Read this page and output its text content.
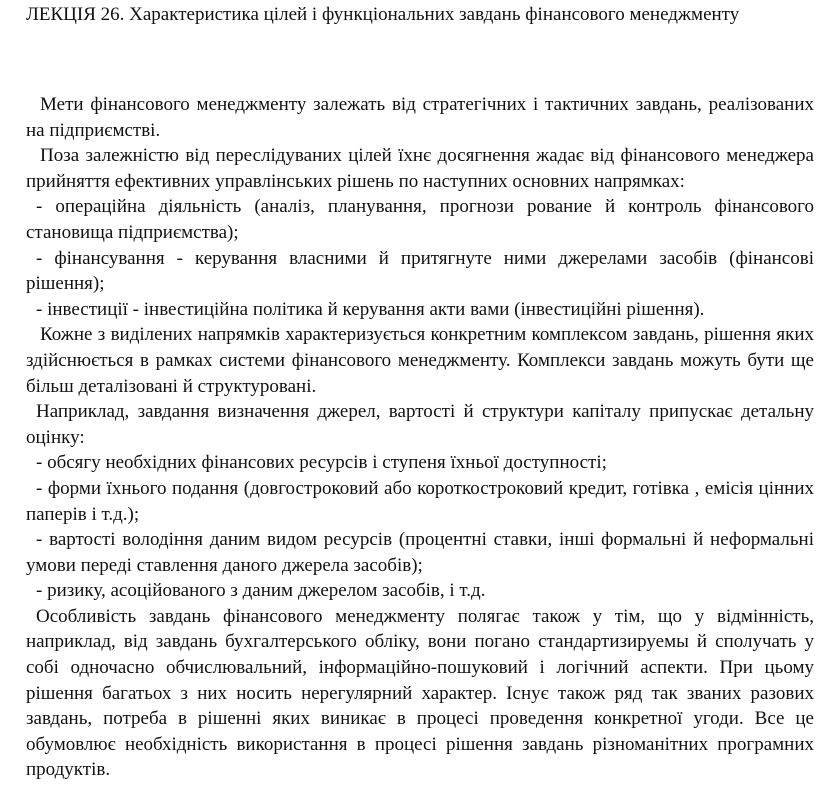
ЛЕКЦІЯ 26. Характеристика цілей і функціональних завдань фінансового менеджменту

Мети фінансового менеджменту залежать від стратегічних і тактичних завдань, реалізованих на підприємстві.

Поза залежністю від переслідуваних цілей їхнє досягнення жадає від фінансового менеджера прийняття ефективних управлінських рішень по наступних основних напрямках:

- операційна діяльність (аналіз, планування, прогнози рование й контроль фінансового становища підприємства);

- фінансування - керування власними й притягнуте ними джерелами засобів (фінансові рішення);

- інвестиції - інвестиційна політика й керування акти вами (інвестиційні рішення).

Кожне з виділених напрямків характеризується конкретним комплексом завдань, рішення яких здійснюється в рамках системи фінансового менеджменту. Комплекси завдань можуть бути ще більш деталізовані й структуровані.

Наприклад, завдання визначення джерел, вартості й структури капіталу припускає детальну оцінку:

- обсягу необхідних фінансових ресурсів і ступеня їхньої доступності;

- форми їхнього подання (довгостроковий або короткостроковий кредит, готівка , емісія цінних паперів і т.д.);

- вартості володіння даним видом ресурсів (процентні ставки, інші формальні й неформальні умови переді ставлення даного джерела засобів);

- ризику, асоційованого з даним джерелом засобів, і т.д.

Особливість завдань фінансового менеджменту полягає також у тім, що у відмінність, наприклад, від завдань бухгалтерського обліку, вони погано стандартизируемы й сполучать у собі одночасно обчислювальний, інформаційно-пошуковий і логічний аспекти. При цьому рішення багатьох з них носить нерегулярний характер. Існує також ряд так званих разових завдань, потреба в рішенні яких виникає в процесі проведення конкретної угоди. Все це обумовлює необхідність використання в процесі рішення завдань різноманітних програмних продуктів.
